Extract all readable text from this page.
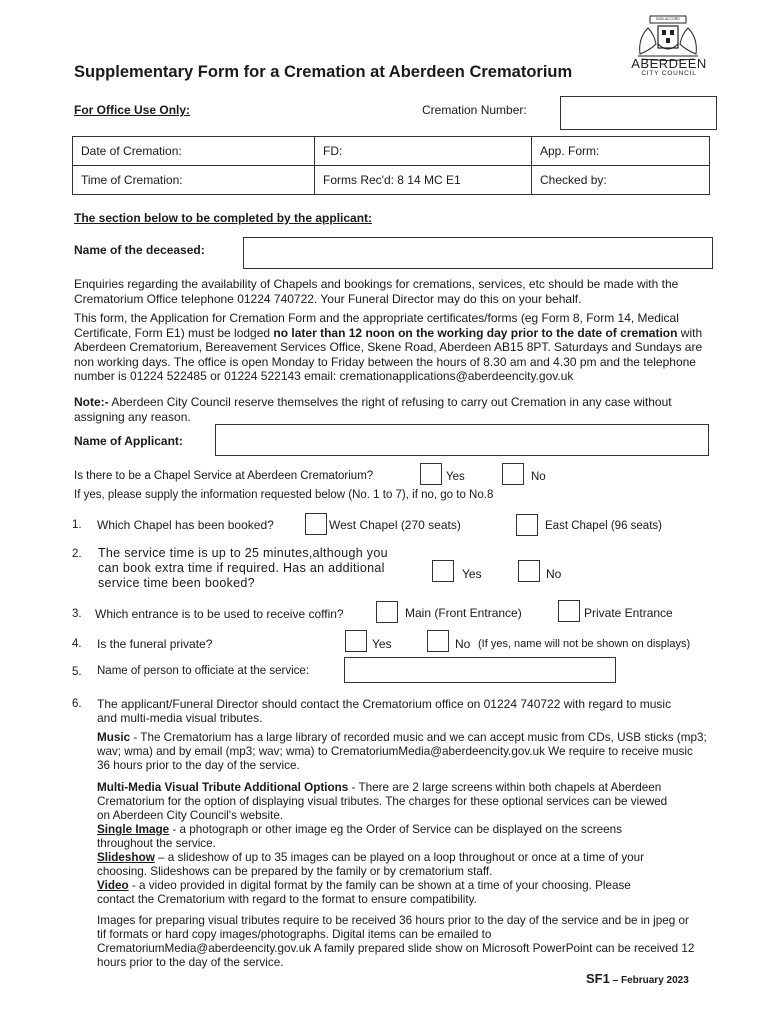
ABERDEEN
CITY COUNCIL
BON ACCORD
Supplementary Form for a Cremation at Aberdeen Crematorium
For Office Use Only:	Cremation Number:
Date of Cremation:	FD:	App. Form:
Time of Cremation:	Forms Rec'd: 8 14 MC E1	Checked by:
The section below to be completed by the applicant:
Name of the deceased:

Enquiries regarding the availability of Chapels and bookings for cremations, services, etc should be made with the Crematorium Office telephone 01224 740722. Your Funeral Director may do this on your behalf.

This form, the Application for Cremation Form and the appropriate certificates/forms (eg Form 8, Form 14, Medical Certificate, Form E1) must be lodged no later than 12 noon on the working day prior to the date of cremation with Aberdeen Crematorium, Bereavement Services Office, Skene Road, Aberdeen AB15 8PT. Saturdays and Sundays are non working days. The office is open Monday to Friday between the hours of 8.30 am and 4.30 pm and the telephone number is 01224 522485 or 01224 522143 email: cremationapplications@aberdeencity.gov.uk

Note:- Aberdeen City Council reserve themselves the right of refusing to carry out Cremation in any case without assigning any reason.

Name of Applicant:
Is there to be a Chapel Service at Aberdeen Crematorium?	Yes	No
If yes, please supply the information requested below (No. 1 to 7), if no, go to No.8
1. Which Chapel has been booked?	West Chapel (270 seats)	East Chapel (96 seats)
2. The service time is up to 25 minutes,although you can book extra time if required. Has an additional service time been booked?
Yes	No
3. Which entrance is to be used to receive coffin?	Main (Front Entrance)	Private Entrance
4. Is the funeral private?	Yes	No (If yes, name will not be shown on displays)
5. Name of person to officiate at the service:
6. The applicant/Funeral Director should contact the Crematorium office on 01224 740722 with regard to music and multi-media visual tributes.

Music - The Crematorium has a large library of recorded music and we can accept music from CDs, USB sticks (mp3; wav; wma) and by email (mp3; wav; wma) to CrematoriumMedia@aberdeencity.gov.uk We require to receive music 36 hours prior to the day of the service.

Multi-Media Visual Tribute Additional Options - There are 2 large screens within both chapels at Aberdeen Crematorium for the option of displaying visual tributes. The charges for these optional services can be viewed on Aberdeen City Council's website.

Single Image - a photograph or other image eg the Order of Service can be displayed on the screens throughout the service.

Slideshow – a slideshow of up to 35 images can be played on a loop throughout or once at a time of your choosing. Slideshows can be prepared by the family or by crematorium staff.

Video - a video provided in digital format by the family can be shown at a time of your choosing. Please contact the Crematorium with regard to the format to ensure compatibility.

Images for preparing visual tributes require to be received 36 hours prior to the day of the service and be in jpeg or tif formats or hard copy images/photographs. Digital items can be emailed to CrematoriumMedia@aberdeencity.gov.uk A family prepared slide show on Microsoft PowerPoint can be received 12 hours prior to the day of the service.

SF1 – February 2023
